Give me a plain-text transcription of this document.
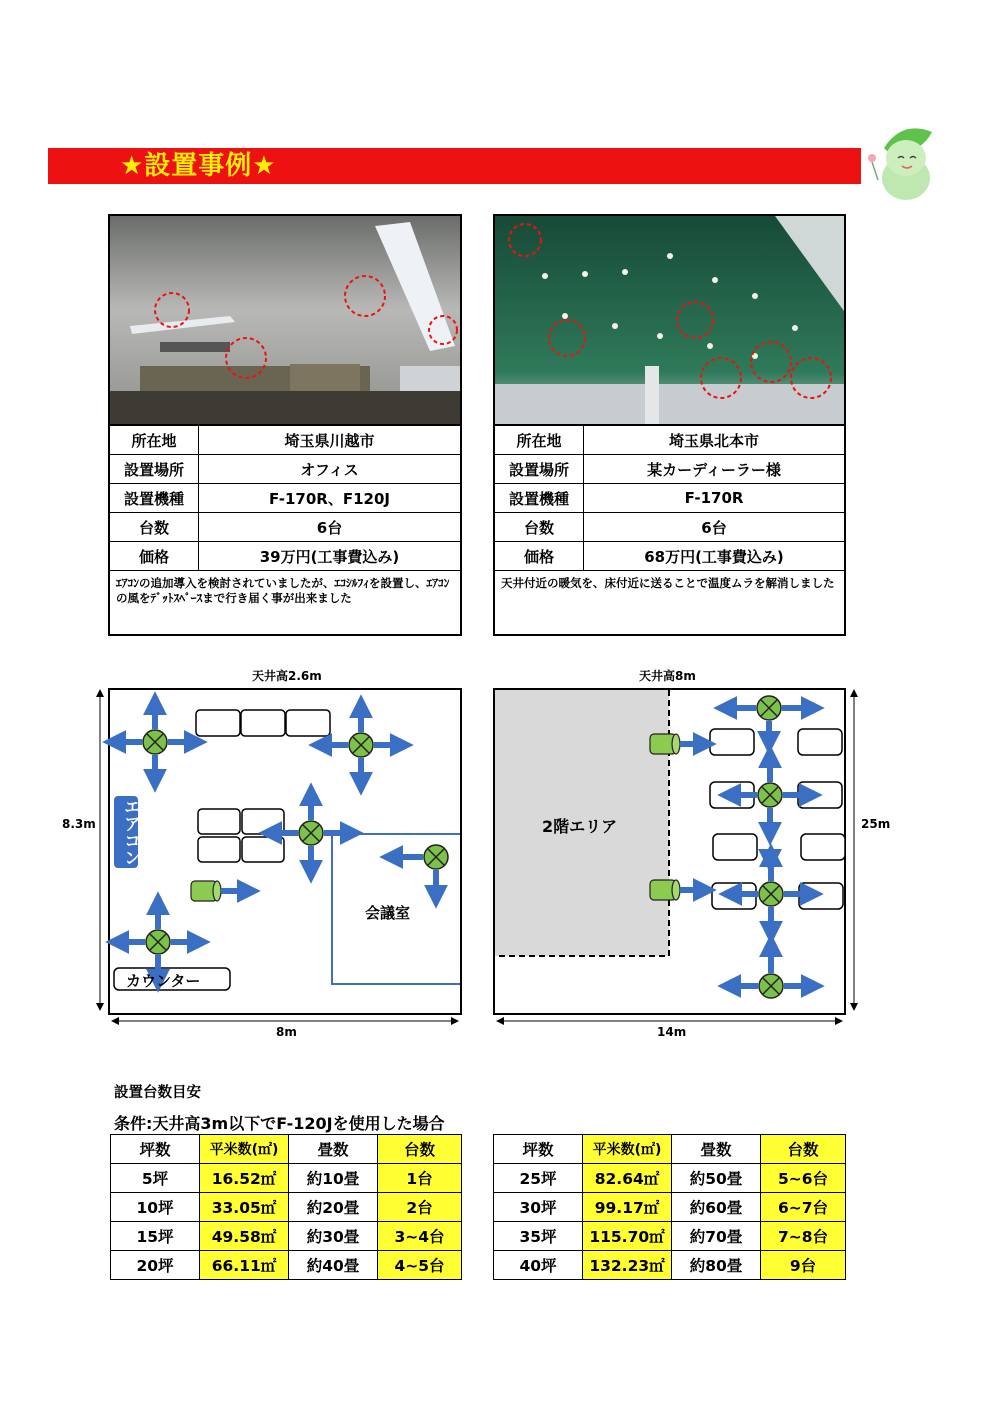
★設置事例★
所在地	埼玉県川越市
設置場所	オフィス
設置機種	F-170R、F120J
台数	6台
価格	39万円(工事費込み)
ｴｱｺﾝの追加導入を検討されていましたが、ｴｺｼﾙﾌｨを設置し、ｴｱｺﾝの風をﾃﾞｯﾄｽﾍﾟｰｽまで行き届く事が出来ました	
所在地	埼玉県北本市
設置場所	某カーディーラー様
設置機種	F-170R
台数	6台
価格	68万円(工事費込み)
天井付近の暖気を、床付近に送ることで温度ムラを解消しました	
天井高2.6m
8.3m
8m
天井高8m
25m
14m
エアコン
会議室
カウンター
2階エリア
設置台数目安
条件:天井高3m以下でF-120Jを使用した場合
坪数	平米数(㎡)	畳数	台数
5坪	16.52㎡	約10畳	1台
10坪	33.05㎡	約20畳	2台
15坪	49.58㎡	約30畳	3~4台
20坪	66.11㎡	約40畳	4~5台
坪数	平米数(㎡)	畳数	台数
25坪	82.64㎡	約50畳	5~6台
30坪	99.17㎡	約60畳	6~7台
35坪	115.70㎡	約70畳	7~8台
40坪	132.23㎡	約80畳	9台
